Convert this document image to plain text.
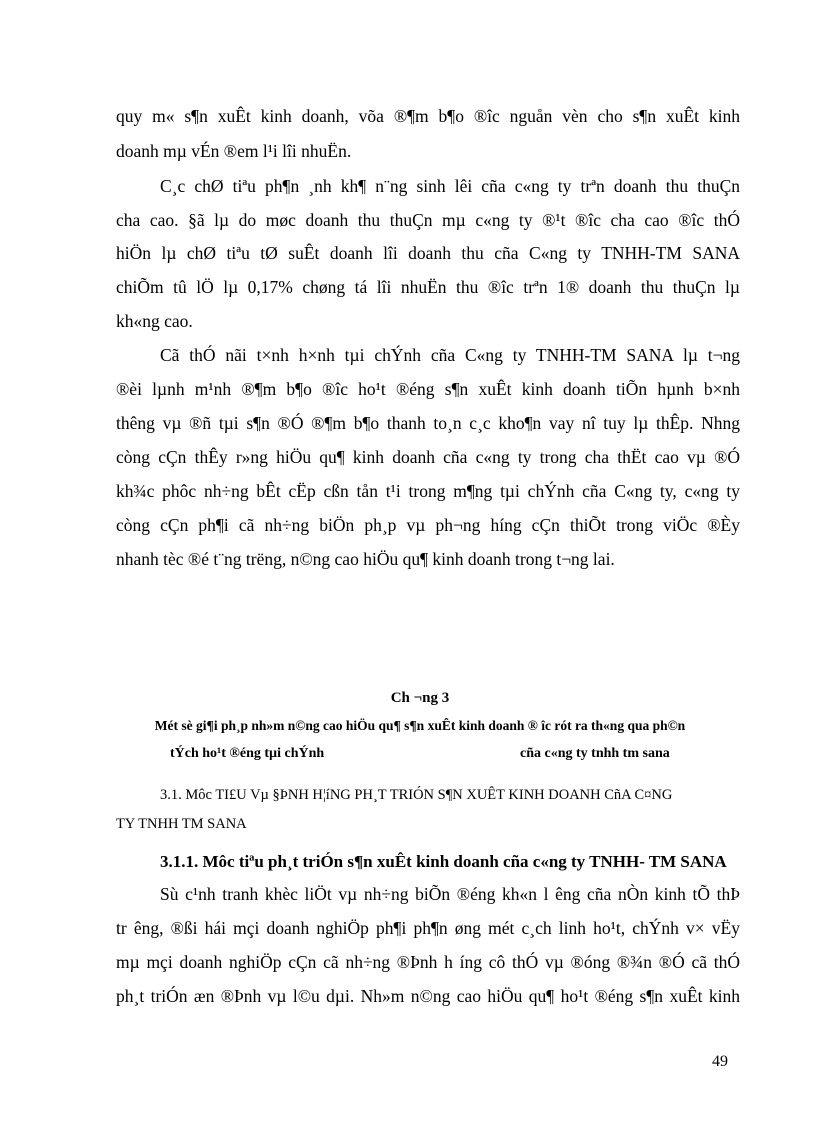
quy m« s¶n xuÊt kinh doanh, võa ®¶m b¶o ®îc nguån vèn cho s¶n xuÊt kinh
doanh mµ vÉn ®em l¹i lîi nhuËn.
C¸c chØ tiªu ph¶n ¸nh kh¶ n¨ng sinh lêi cña c«ng ty trªn doanh thu thuÇn
cha cao. §ã lµ do møc doanh thu thuÇn mµ c«ng ty ®¹t ®îc cha cao ®îc thÓ
hiÖn lµ chØ tiªu tØ suÊt doanh lîi doanh thu cña C«ng ty TNHH-TM SANA
chiÕm tû lÖ lµ 0,17% chøng tá lîi nhuËn thu ®îc trªn 1® doanh thu thuÇn lµ
kh«ng cao.
Cã thÓ nãi t×nh h×nh tµi chÝnh cña C«ng ty TNHH-TM SANA lµ t¬ng
®èi lµnh m¹nh ®¶m b¶o ®îc ho¹t ®éng s¶n xuÊt kinh doanh tiÕn hµnh b×nh
thêng vµ ®ñ tµi s¶n ®Ó ®¶m b¶o thanh to¸n c¸c kho¶n vay nî tuy lµ thÊp. Nhng
còng cÇn thÊy r»ng hiÖu qu¶ kinh doanh cña c«ng ty trong cha thËt cao vµ ®Ó
kh¾c phôc nh÷ng bÊt cËp cßn tån t¹i trong m¶ng tµi chÝnh cña C«ng ty, c«ng ty
còng cÇn ph¶i cã nh÷ng biÖn ph¸p vµ ph¬ng híng cÇn thiÕt trong viÖc ®Èy
nhanh tèc ®é t¨ng trëng, n©ng cao hiÖu qu¶ kinh doanh trong t¬ng lai.
Ch ¬ng 3
Mét sè gi¶i ph¸p nh»m n©ng cao hiÖu qu¶ s¶n xuÊt kinh doanh ® îc rót ra th«ng qua ph©n
tÝch ho¹t ®éng tµi chÝnh	cña c«ng ty tnhh tm sana
3.1. Môc TI£U Vµ §ÞNH H¦íNG PH¸T TRIÓN S¶N XUÊT KINH DOANH CñA C¤NG
TY TNHH TM SANA
3.1.1. Môc tiªu ph¸t triÓn s¶n xuÊt kinh doanh cña c«ng ty TNHH- TM SANA
Sù c¹nh tranh khèc liÖt vµ nh÷ng biÕn ®éng kh«n l êng cña nÒn kinh tÕ thÞ
tr êng, ®ßi hái mçi doanh nghiÖp ph¶i ph¶n øng mét c¸ch linh ho¹t, chÝnh v× vËy
mµ mçi doanh nghiÖp cÇn cã nh÷ng ®Þnh h íng cô thÓ vµ ®óng ®¾n ®Ó cã thÓ
ph¸t triÓn æn ®Þnh vµ l©u dµi. Nh»m n©ng cao hiÖu qu¶ ho¹t ®éng s¶n xuÊt kinh
49
